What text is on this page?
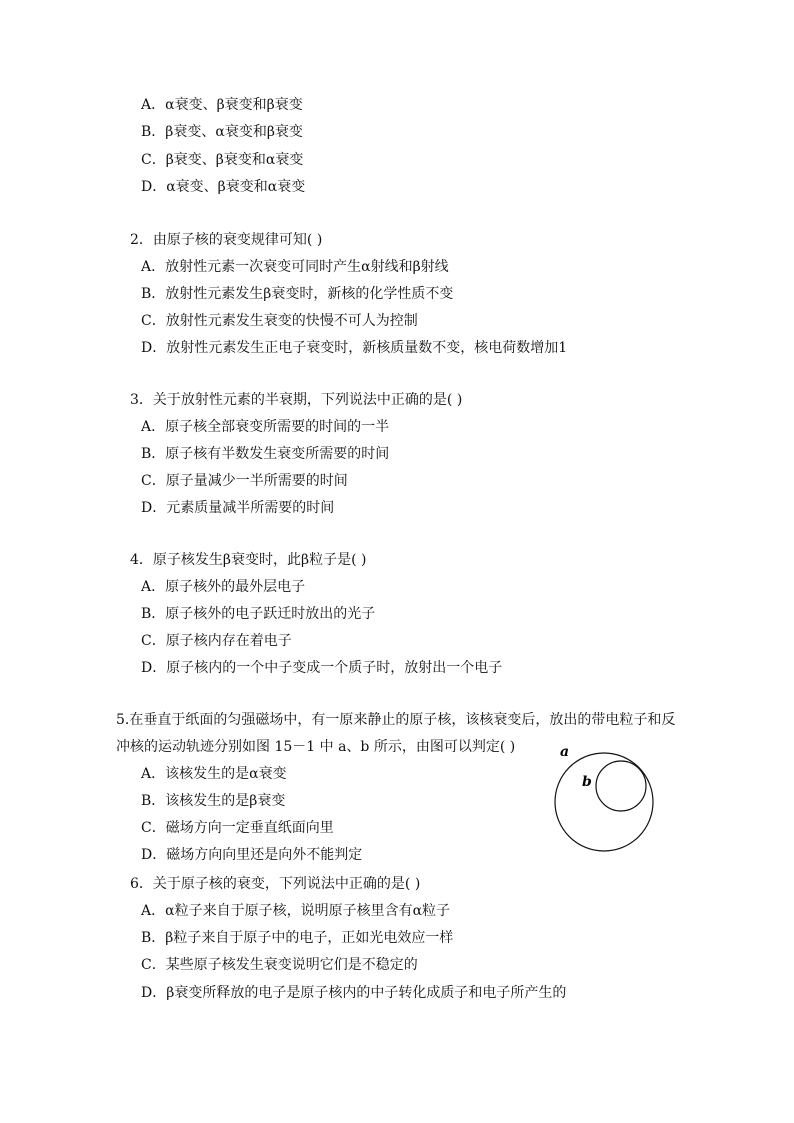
A．α衰变、β衰变和β衰变
B．β衰变、α衰变和β衰变
C．β衰变、β衰变和α衰变
D．α衰变、β衰变和α衰变
2．由原子核的衰变规律可知( )
A．放射性元素一次衰变可同时产生α射线和β射线
B．放射性元素发生β衰变时，新核的化学性质不变
C．放射性元素发生衰变的快慢不可人为控制
D．放射性元素发生正电子衰变时，新核质量数不变，核电荷数增加1
3．关于放射性元素的半衰期，下列说法中正确的是( )
A．原子核全部衰变所需要的时间的一半
B．原子核有半数发生衰变所需要的时间
C．原子量减少一半所需要的时间
D．元素质量减半所需要的时间
4．原子核发生β衰变时，此β粒子是( )
A．原子核外的最外层电子
B．原子核外的电子跃迁时放出的光子
C．原子核内存在着电子
D．原子核内的一个中子变成一个质子时，放射出一个电子
5.在垂直于纸面的匀强磁场中，有一原来静止的原子核，该核衰变后，放出的带电粒子和反
冲核的运动轨迹分别如图 15－1 中 a、b 所示，由图可以判定( )
A．该核发生的是α衰变
B．该核发生的是β衰变
C．磁场方向一定垂直纸面向里
D．磁场方向向里还是向外不能判定
a
b
6．关于原子核的衰变，下列说法中正确的是( )
A．α粒子来自于原子核，说明原子核里含有α粒子
B．β粒子来自于原子中的电子，正如光电效应一样
C．某些原子核发生衰变说明它们是不稳定的
D．β衰变所释放的电子是原子核内的中子转化成质子和电子所产生的
